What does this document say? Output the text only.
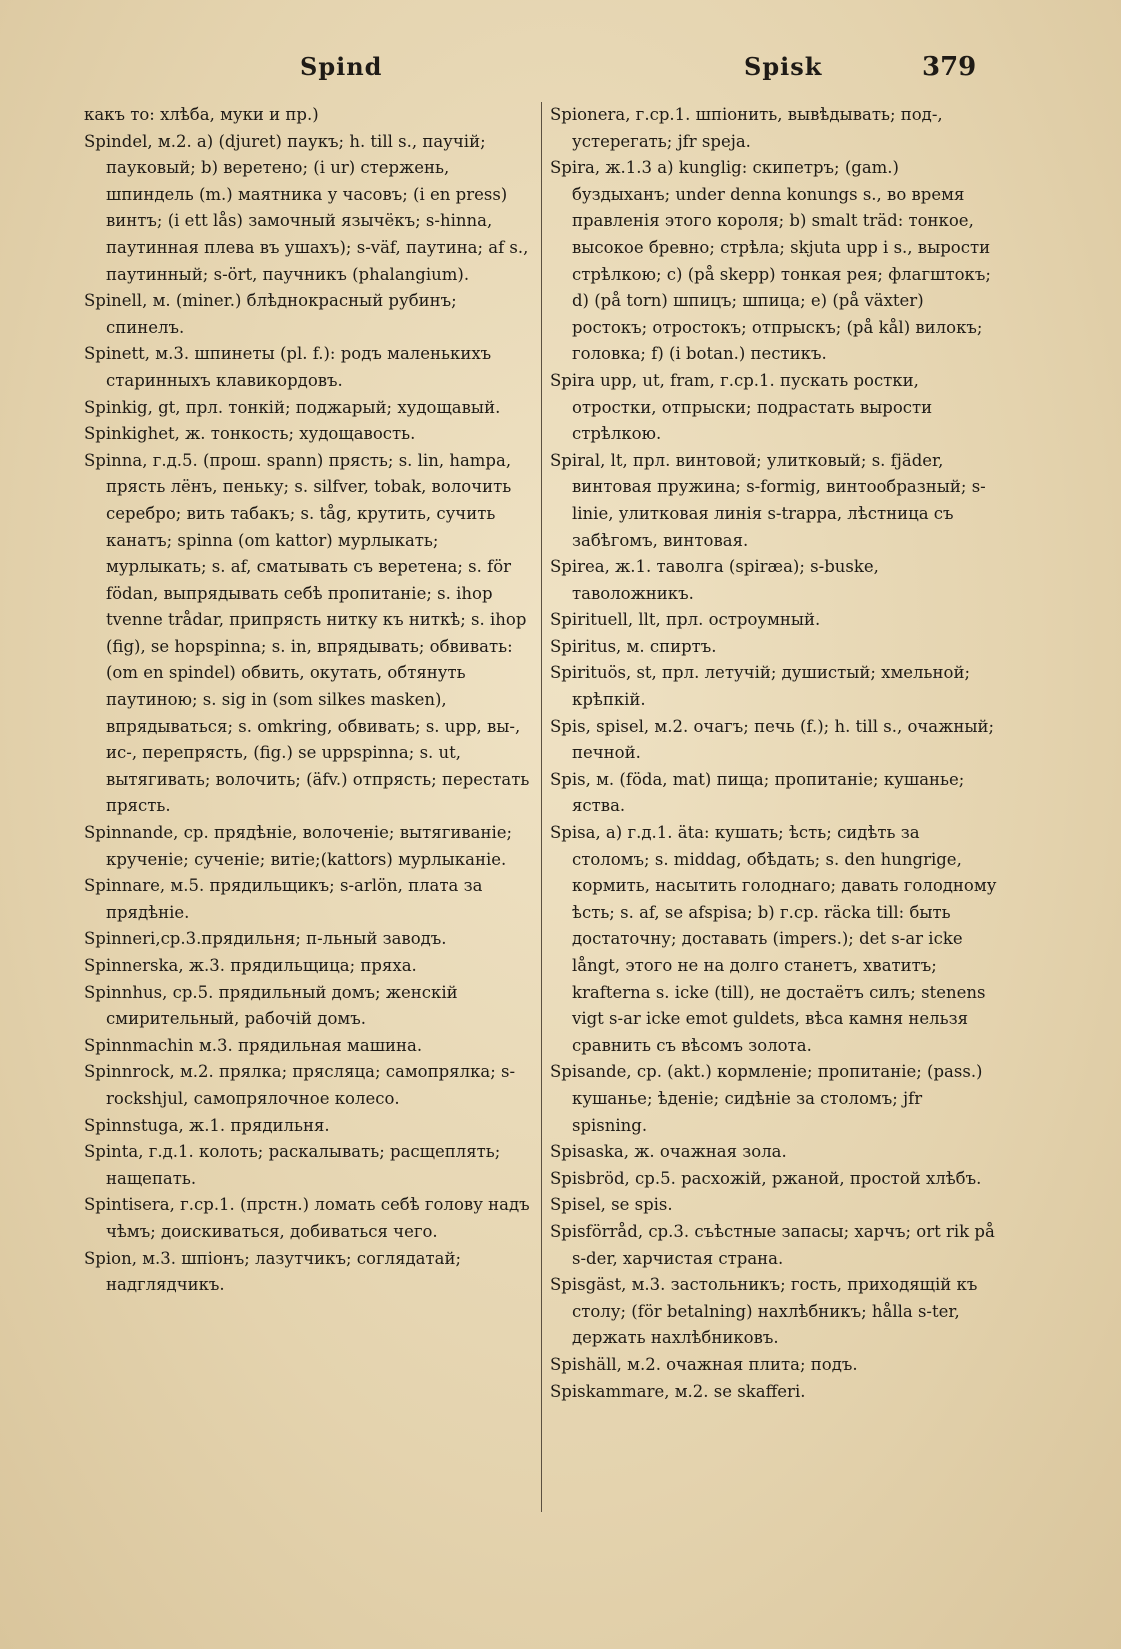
Spind	Spisk	379

какъ то: хлѣба, муки и пр.)

Spindel, м.2. a) (djuret) паукъ; h. till s., паучій; пауковый; b) веретено; (i ur) стержень, шпиндель (m.) маятника у часовъ; (i en press) винтъ; (i ett lås) замочный язычёкъ; s-hinna, паутинная плева въ ушахъ); s-väf, паутина; af s., паутинный; s-ört, паучникъ (phalangium).

Spinell, м. (miner.) блѣднокрасный рубинъ; спинелъ.

Spinett, м.3. шпинеты (pl. f.): родъ маленькихъ старинныхъ клавикордовъ.

Spinkig, gt, прл. тонкій; поджарый; худощавый.

Spinkighet, ж. тонкость; худощавость.

Spinna, г.д.5. (прош. spann) прясть; s. lin, hampa, прясть лёнъ, пеньку; s. silfver, tobak, волочить серебро; вить табакъ; s. tåg, крутить, сучить канатъ; spinna (om kattor) мурлыкать; мурлыкать; s. af, сматывать съ веретена; s. för födan, выпрядывать себѣ пропитаніе; s. ihop tvenne trådar, припрясть нитку къ ниткѣ; s. ihop (fig), se hopspinna; s. in, впрядывать; обвивать: (om en spindel) обвить, окутать, обтянуть паутиною; s. sig in (som silkes masken), впрядываться; s. omkring, обвивать; s. upp, вы-, ис-, перепрясть, (fig.) se uppspinna; s. ut, вытягивать; волочить; (äfv.) отпрясть; перестать прясть.

Spinnande, ср. прядѣніе, волоченіе; вытягиваніе; крученіе; сученіе; витіе;(kattors) мурлыканіе.

Spinnare, м.5. прядильщикъ; s-arlön, плата за прядѣніе.

Spinneri,ср.3.прядильня; п-льный заводъ.

Spinnerska, ж.3. прядильщица; пряха.

Spinnhus, ср.5. прядильный домъ; женскій смирительный, рабочій домъ.

Spinnmachin м.3. прядильная машина.

Spinnrock, м.2. прялка; прясляца; самопрялка; s-rockshjul, самопрялочное колесо.

Spinnstuga, ж.1. прядильня.

Spinta, г.д.1. колоть; раскалывать; расщеплять; нащепать.

Spintisera, г.ср.1. (прстн.) ломать себѣ голову надъ чѣмъ; доискиваться, добиваться чего.

Spion, м.3. шпіонъ; лазутчикъ; соглядатай; надглядчикъ.

Spionera, г.ср.1. шпіонить, вывѣдывать; под-, устерегать; jfr speja.

Spira, ж.1.3 a) kunglig: скипетръ; (gam.) буздыханъ; under denna konungs s., во время правленія этого короля; b) smalt träd: тонкое, высокое бревно; стрѣла; skjuta upp i s., вырости стрѣлкою; c) (på skepp) тонкая рея; флагштокъ; d) (på torn) шпицъ; шпица; e) (på växter) ростокъ; отростокъ; отпрыскъ; (på kål) вилокъ; головка; f) (i botan.) пестикъ.

Spira upp, ut, fram, г.ср.1. пускать ростки, отростки, отпрыски; подрастать вырости стрѣлкою.

Spiral, lt, прл. винтовой; улитковый; s. fjäder, винтовая пружина; s-formig, винтообразный; s-linie, улитковая линія s-trappa, лѣстница съ забѣгомъ, винтовая.

Spirea, ж.1. таволга (spiræa); s-buske, таволожникъ.

Spirituell, llt, прл. остроумный.

Spiritus, м. спиртъ.

Spirituös, st, прл. летучій; душистый; хмельной; крѣпкій.

Spis, spisel, м.2. очагъ; печь (f.); h. till s., очажный; печной.

Spis, м. (föda, mat) пища; пропитаніе; кушанье; яства.

Spisa, a) г.д.1. äta: кушать; ѣсть; сидѣть за столомъ; s. middag, обѣдать; s. den hungrige, кормить, насытить голоднаго; давать голодному ѣсть; s. af, se afspisa; b) г.ср. räcka till: быть достаточну; доставать (impers.); det s-ar icke långt, этого не на долго станетъ, хватитъ; krafterna s. icke (till), не достаётъ силъ; stenens vigt s-ar icke emot guldets, вѣса камня нельзя сравнить съ вѣсомъ золота.

Spisande, ср. (akt.) кормленіе; пропитаніе; (pass.) кушанье; ѣденіе; сидѣніе за столомъ; jfr spisning.

Spisaska, ж. очажная зола.

Spisbröd, ср.5. расхожій, ржаной, простой хлѣбъ.

Spisel, se spis.

Spisförråd, ср.3. съѣстные запасы; харчъ; ort rik på s-der, харчистая страна.

Spisgäst, м.3. застольникъ; гость, приходящій къ столу; (för betalning) нахлѣбникъ; hålla s-ter, держать нахлѣбниковъ.

Spishäll, м.2. очажная плита; подъ.

Spiskammare, м.2. se skafferi.
